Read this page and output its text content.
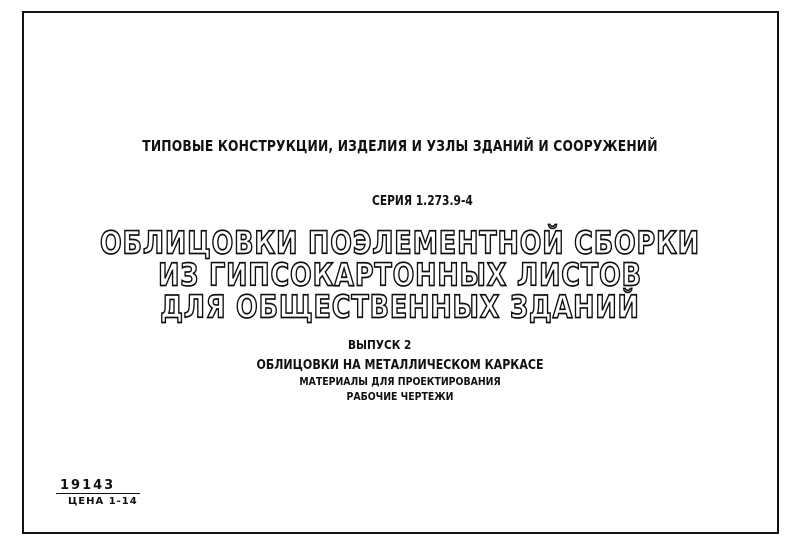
ТИПОВЫЕ КОНСТРУКЦИИ, ИЗДЕЛИЯ И УЗЛЫ ЗДАНИЙ И СООРУЖЕНИЙ
СЕРИЯ 1.273.9-4
ОБЛИЦОВКИ ПОЭЛЕМЕНТНОЙ СБОРКИ
ИЗ ГИПСОКАРТОННЫХ ЛИСТОВ
ДЛЯ ОБЩЕСТВЕННЫХ ЗДАНИЙ
ВЫПУСК 2
ОБЛИЦОВКИ НА МЕТАЛЛИЧЕСКОМ КАРКАСЕ
МАТЕРИАЛЫ ДЛЯ ПРОЕКТИРОВАНИЯ
РАБОЧИЕ ЧЕРТЕЖИ
19143
ЦЕНА 1-14
